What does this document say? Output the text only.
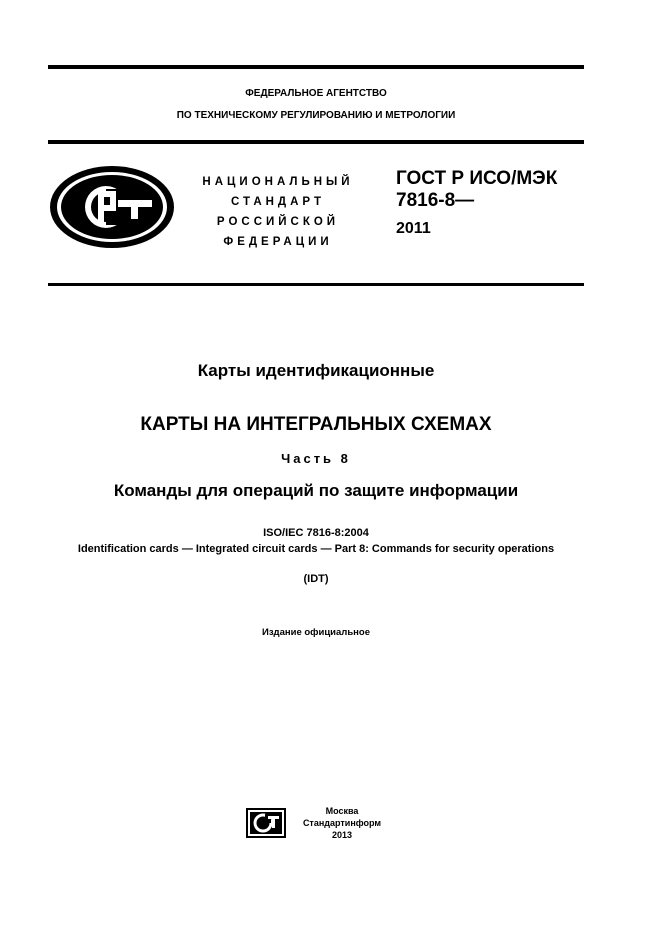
ФЕДЕРАЛЬНОЕ АГЕНТСТВО
ПО ТЕХНИЧЕСКОМУ РЕГУЛИРОВАНИЮ И МЕТРОЛОГИИ
НАЦИОНАЛЬНЫЙ
СТАНДАРТ
РОССИЙСКОЙ
ФЕДЕРАЦИИ
ГОСТ Р ИСО/МЭК
7816-8—
2011
Карты идентификационные
КАРТЫ НА ИНТЕГРАЛЬНЫХ СХЕМАХ
Часть 8
Команды для операций по защите информации
ISO/IEC 7816-8:2004
Identification cards — Integrated circuit cards — Part 8: Commands for security operations
(IDT)
Издание официальное
Москва
Стандартинформ
2013
